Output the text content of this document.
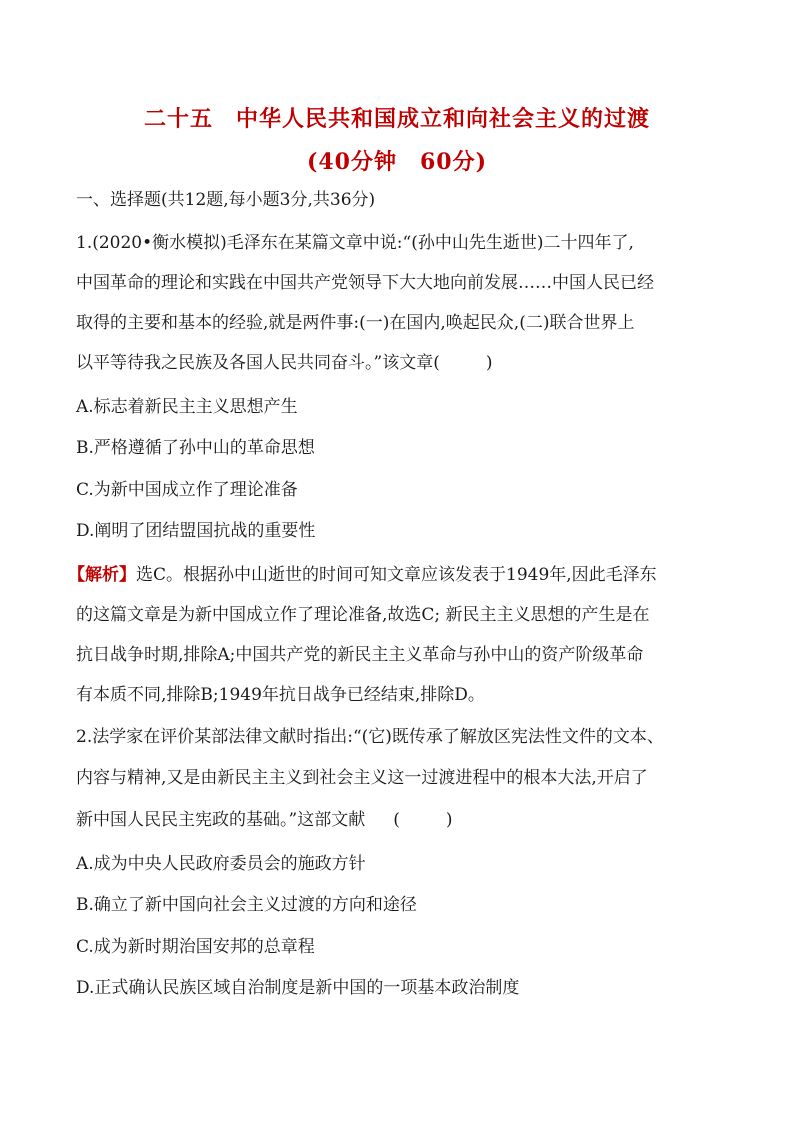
二十五　中华人民共和国成立和向社会主义的过渡
(40分钟　60分)
一、选择题(共12题,每小题3分,共36分)
1.(2020•衡水模拟)毛泽东在某篇文章中说:“(孙中山先生逝世)二十四年了,
中国革命的理论和实践在中国共产党领导下大大地向前发展……中国人民已经
取得的主要和基本的经验,就是两件事:(一)在国内,唤起民众,(二)联合世界上
以平等待我之民族及各国人民共同奋斗。”该文章(	)
A.标志着新民主主义思想产生
B.严格遵循了孙中山的革命思想
C.为新中国成立作了理论准备
D.阐明了团结盟国抗战的重要性
【解析】选C。根据孙中山逝世的时间可知文章应该发表于1949年,因此毛泽东
的这篇文章是为新中国成立作了理论准备,故选C; 新民主主义思想的产生是在
抗日战争时期,排除A;中国共产党的新民主主义革命与孙中山的资产阶级革命
有本质不同,排除B;1949年抗日战争已经结束,排除D。
2.法学家在评价某部法律文献时指出:“(它)既传承了解放区宪法性文件的文本、
内容与精神,又是由新民主主义到社会主义这一过渡进程中的根本大法,开启了
新中国人民民主宪政的基础。”这部文献 (	)
A.成为中央人民政府委员会的施政方针
B.确立了新中国向社会主义过渡的方向和途径
C.成为新时期治国安邦的总章程
D.正式确认民族区域自治制度是新中国的一项基本政治制度
